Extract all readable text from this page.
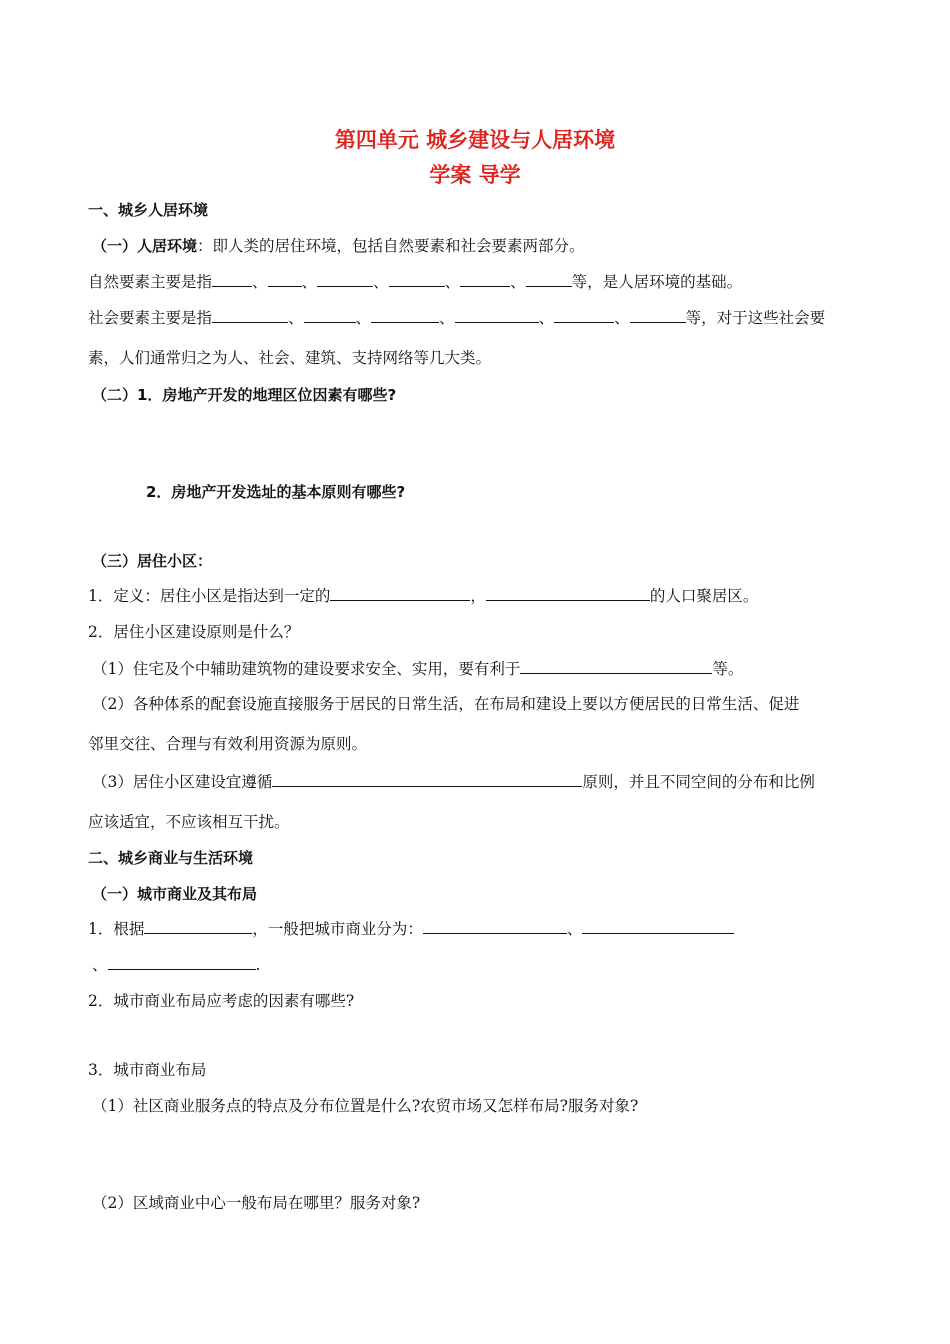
第四单元 城乡建设与人居环境
学案 导学
一、城乡人居环境
（一）人居环境：即人类的居住环境，包括自然要素和社会要素两部分。
自然要素主要是指	、 、	、	、	、	等，是人居环境的基础。
社会要素主要是指	、	、	、	、	、	等，对于这些社会要
素，人们通常归之为人、社会、建筑、支持网络等几大类。
（二）1．房地产开发的地理区位因素有哪些?
2．房地产开发选址的基本原则有哪些?
（三）居住小区：
1．定义：居住小区是指达到一定的	，	的人口聚居区。
2．居住小区建设原则是什么？
（1）住宅及个中辅助建筑物的建设要求安全、实用，要有利于	等。
（2）各种体系的配套设施直接服务于居民的日常生活，在布局和建设上要以方便居民的日常生活、促进
邻里交往、合理与有效利用资源为原则。
（3）居住小区建设宜遵循	原则，并且不同空间的分布和比例
应该适宜，不应该相互干扰。
二、城乡商业与生活环境
（一）城市商业及其布局
1．根据	，一般把城市商业分为：	、
、	.
2．城市商业布局应考虑的因素有哪些?
3．城市商业布局
（1）社区商业服务点的特点及分布位置是什么?农贸市场又怎样布局?服务对象?
（2）区域商业中心一般布局在哪里？服务对象?
